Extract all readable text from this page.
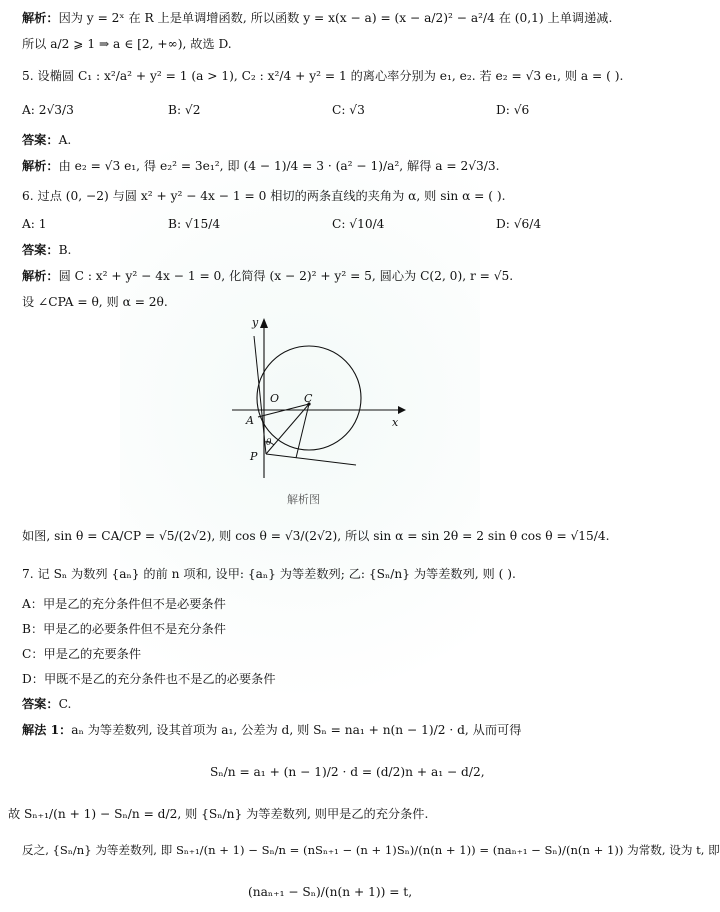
解析：因为 y = 2ˣ 在 R 上是单调增函数, 所以函数 y = x(x − a) = (x − a/2)² − a²/4 在 (0,1) 上单调递减.
所以 a/2 ⩾ 1 ⇒ a ∈ [2, +∞), 故选 D.
5. 设椭圆 C₁ : x²/a² + y² = 1 (a > 1), C₂ : x²/4 + y² = 1 的离心率分别为 e₁, e₂. 若 e₂ = √3 e₁, 则 a = ( ).
A: 2√3/3	B: √2	C: √3	D: √6
答案：A.
解析：由 e₂ = √3 e₁, 得 e₂² = 3e₁², 即 (4 − 1)/4 = 3 · (a² − 1)/a², 解得 a = 2√3/3.
6. 过点 (0, −2) 与圆 x² + y² − 4x − 1 = 0 相切的两条直线的夹角为 α, 则 sin α = ( ).
A: 1	B: √15/4	C: √10/4	D: √6/4
答案：B.
解析：圆 C : x² + y² − 4x − 1 = 0, 化简得 (x − 2)² + y² = 5, 圆心为 C(2, 0), r = √5.
设 ∠CPA = θ, 则 α = 2θ.
y
x
O C
A
P
θ
解析图
如图, sin θ = CA/CP = √5/(2√2), 则 cos θ = √3/(2√2), 所以 sin α = sin 2θ = 2 sin θ cos θ = √15/4.
7. 记 Sₙ 为数列 {aₙ} 的前 n 项和, 设甲: {aₙ} 为等差数列; 乙: {Sₙ/n} 为等差数列, 则 ( ).
A：甲是乙的充分条件但不是必要条件
B：甲是乙的必要条件但不是充分条件
C：甲是乙的充要条件
D：甲既不是乙的充分条件也不是乙的必要条件
答案：C.
解法 1：aₙ 为等差数列, 设其首项为 a₁, 公差为 d, 则 Sₙ = na₁ + n(n − 1)/2 · d, 从而可得
Sₙ/n = a₁ + (n − 1)/2 · d = (d/2)n + a₁ − d/2,
故 Sₙ₊₁/(n + 1) − Sₙ/n = d/2, 则 {Sₙ/n} 为等差数列, 则甲是乙的充分条件.
反之, {Sₙ/n} 为等差数列, 即 Sₙ₊₁/(n + 1) − Sₙ/n = (nSₙ₊₁ − (n + 1)Sₙ)/(n(n + 1)) = (naₙ₊₁ − Sₙ)/(n(n + 1)) 为常数, 设为 t, 即
(naₙ₊₁ − Sₙ)/(n(n + 1)) = t,
